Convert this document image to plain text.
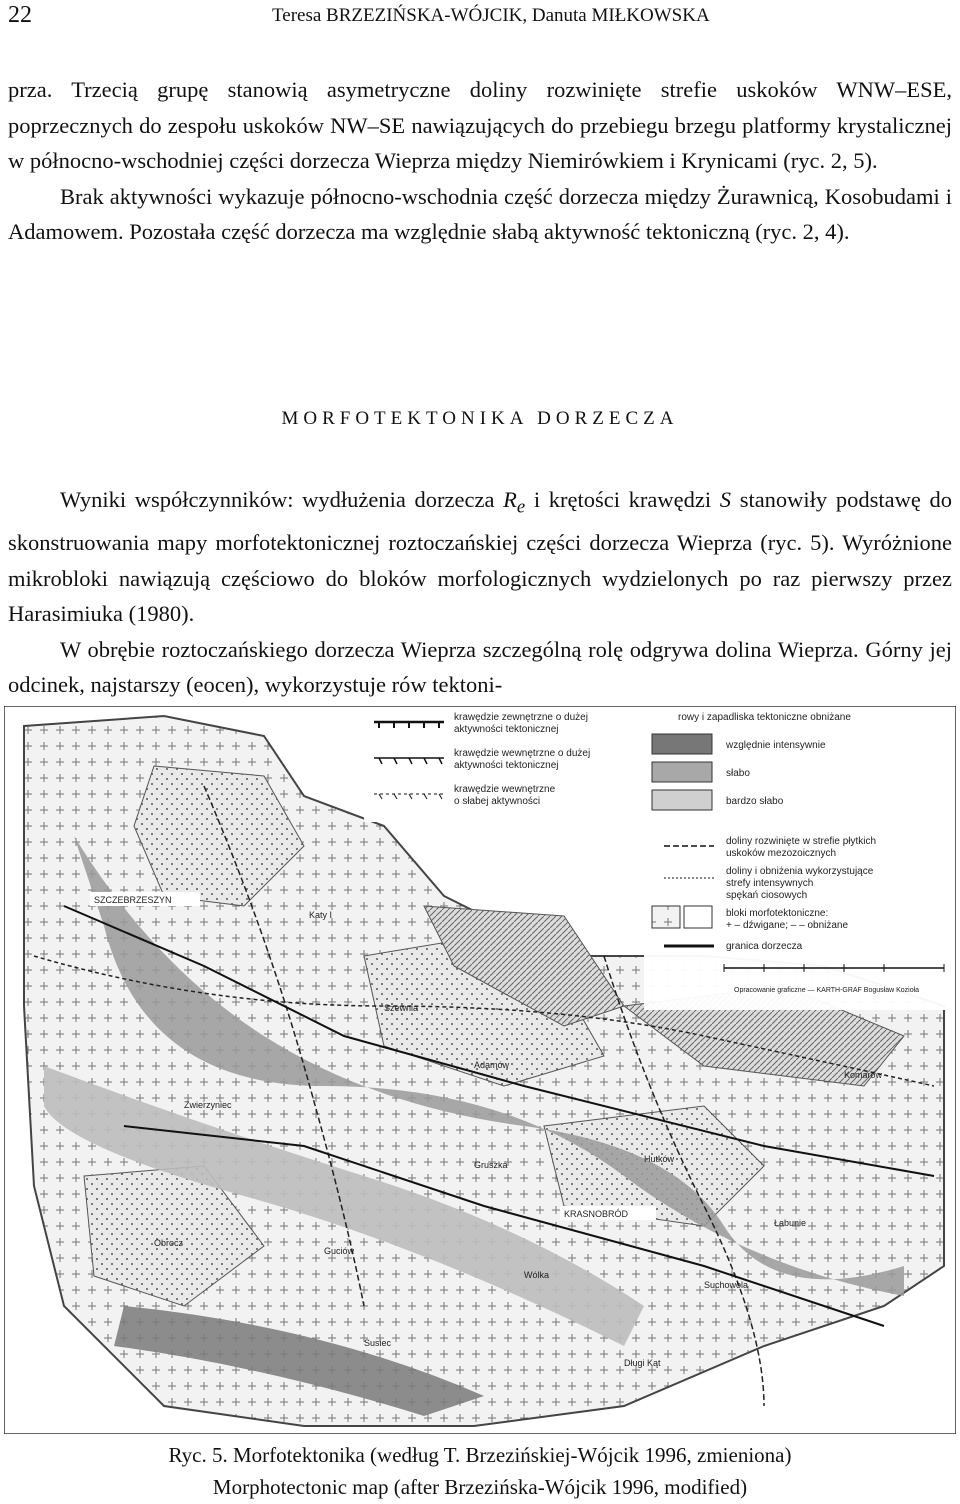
22	Teresa BRZEZIŃSKA-WÓJCIK, Danuta MIŁKOWSKA

prza. Trzecią grupę stanowią asymetryczne doliny rozwinięte strefie uskoków WNW–ESE, poprzecznych do zespołu uskoków NW–SE nawiązujących do przebiegu brzegu platformy krystalicznej w północno-wschodniej części dorzecza Wieprza między Niemirówkiem i Krynicami (ryc. 2, 5).

Brak aktywności wykazuje północno-wschodnia część dorzecza między Żurawnicą, Kosobudami i Adamowem. Pozostała część dorzecza ma względnie słabą aktywność tektoniczną (ryc. 2, 4).

MORFOTEKTONIKA DORZECZA

Wyniki współczynników: wydłużenia dorzecza $R_e$ i krętości krawędzi S stanowiły podstawę do skonstruowania mapy morfotektonicznej roztoczańskiej części dorzecza Wieprza (ryc. 5). Wyróżnione mikrobloki nawiązują częściowo do bloków morfologicznych wydzielonych po raz pierwszy przez Harasimiuka (1980).

W obrębie roztoczańskiego dorzecza Wieprza szczególną rolę odgrywa dolina Wieprza. Górny jej odcinek, najstarszy (eocen), wykorzystuje rów tektoni-

krawędzie zewnętrzne o dużej
aktywności tektonicznej
krawędzie wewnętrzne o dużej
aktywności tektonicznej
krawędzie wewnętrzne
o słabej aktywności
rowy i zapadliska tektoniczne obniżane
względnie intensywnie
słabo
bardzo słabo
doliny rozwinięte w strefie płytkich
uskoków mezozoicznych
doliny i obniżenia wykorzystujące
strefy intensywnych
spękań ciosowych
bloki morfotektoniczne:
+ – dźwigane; – – obniżane
granica dorzecza
Opracowanie graficzne — KARTH-GRAF Bogusław Kozioła
SZCZEBRZESZYN
Katy I
Komarów
KRASNOBRÓD
Szewnia
Adamów
Zwierzyniec
Gruszka
Hutków
Wólka
Suchowola
Obrocz
Guciów
Łabunie
Susiec
Długi Kąt
Ryc. 5. Morfotektonika (według T. Brzezińskiej-Wójcik 1996, zmieniona)
Morphotectonic map (after Brzezińska-Wójcik 1996, modified)
